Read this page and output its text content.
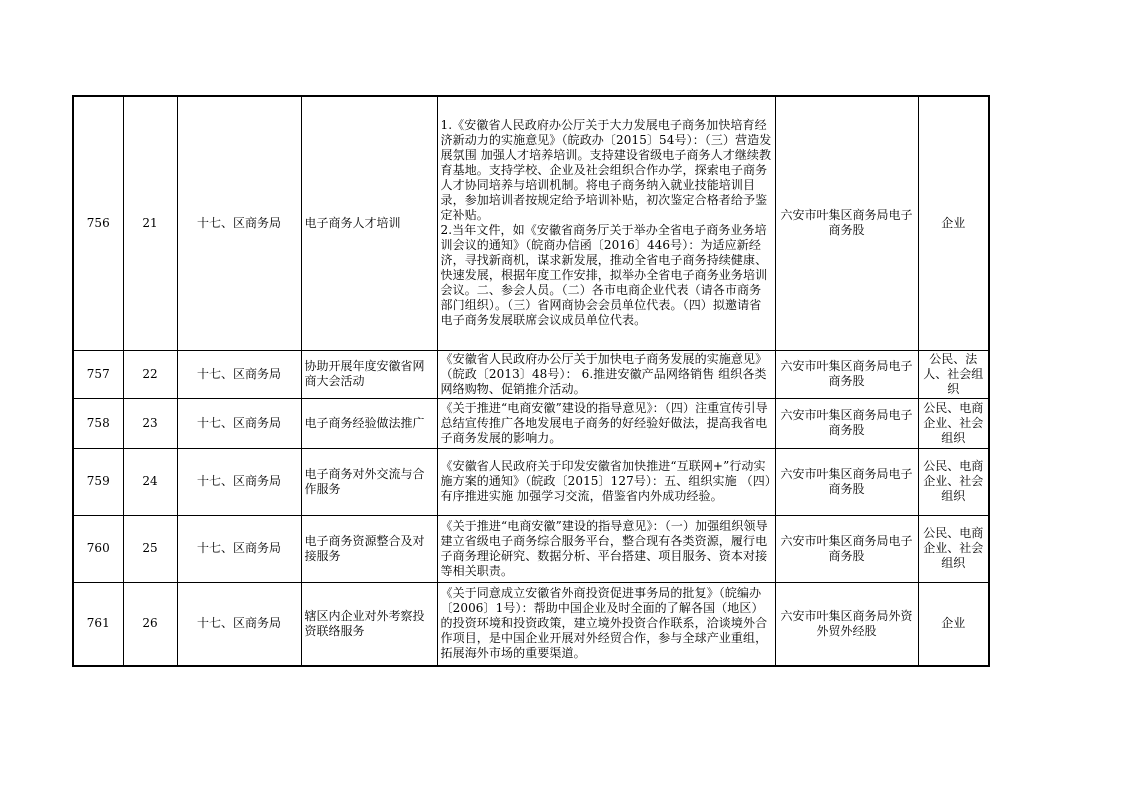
756	21	十七、区商务局	电子商务人才培训	1.《安徽省人民政府办公厅关于大力发展电子商务加快培育经济新动力的实施意见》（皖政办〔2015〕54号）：（三）营造发展氛围 加强人才培养培训。支持建设省级电子商务人才继续教育基地。支持学校、企业及社会组织合作办学，探索电子商务人才协同培养与培训机制。将电子商务纳入就业技能培训目录，参加培训者按规定给予培训补贴，初次鉴定合格者给予鉴定补贴。
2.当年文件，如《安徽省商务厅关于举办全省电子商务业务培训会议的通知》（皖商办信函〔2016〕446号）：为适应新经济，寻找新商机，谋求新发展，推动全省电子商务持续健康、快速发展，根据年度工作安排，拟举办全省电子商务业务培训会议。二、参会人员。（二）各市电商企业代表（请各市商务部门组织）。（三）省网商协会会员单位代表。（四）拟邀请省电子商务发展联席会议成员单位代表。	六安市叶集区商务局电子商务股	企业
757	22	十七、区商务局	协助开展年度安徽省网商大会活动	《安徽省人民政府办公厅关于加快电子商务发展的实施意见》（皖政〔2013〕48号）： 6.推进安徽产品网络销售 组织各类网络购物、促销推介活动。	六安市叶集区商务局电子商务股	公民、法人、社会组织
758	23	十七、区商务局	电子商务经验做法推广	《关于推进“电商安徽”建设的指导意见》：（四）注重宣传引导 总结宣传推广各地发展电子商务的好经验好做法，提高我省电子商务发展的影响力。	六安市叶集区商务局电子商务股	公民、电商企业、社会组织
759	24	十七、区商务局	电子商务对外交流与合作服务	《安徽省人民政府关于印发安徽省加快推进“互联网+”行动实施方案的通知》（皖政〔2015〕127号）：五、组织实施 （四）有序推进实施 加强学习交流，借鉴省内外成功经验。	六安市叶集区商务局电子商务股	公民、电商企业、社会组织
760	25	十七、区商务局	电子商务资源整合及对接服务	《关于推进“电商安徽”建设的指导意见》：（一）加强组织领导 建立省级电子商务综合服务平台，整合现有各类资源，履行电子商务理论研究、数据分析、平台搭建、项目服务、资本对接等相关职责。	六安市叶集区商务局电子商务股	公民、电商企业、社会组织
761	26	十七、区商务局	辖区内企业对外考察投资联络服务	《关于同意成立安徽省外商投资促进事务局的批复》（皖编办〔2006〕1号）：帮助中国企业及时全面的了解各国（地区）的投资环境和投资政策，建立境外投资合作联系，洽谈境外合作项目，是中国企业开展对外经贸合作，参与全球产业重组，拓展海外市场的重要渠道。	六安市叶集区商务局外资外贸外经股	企业
